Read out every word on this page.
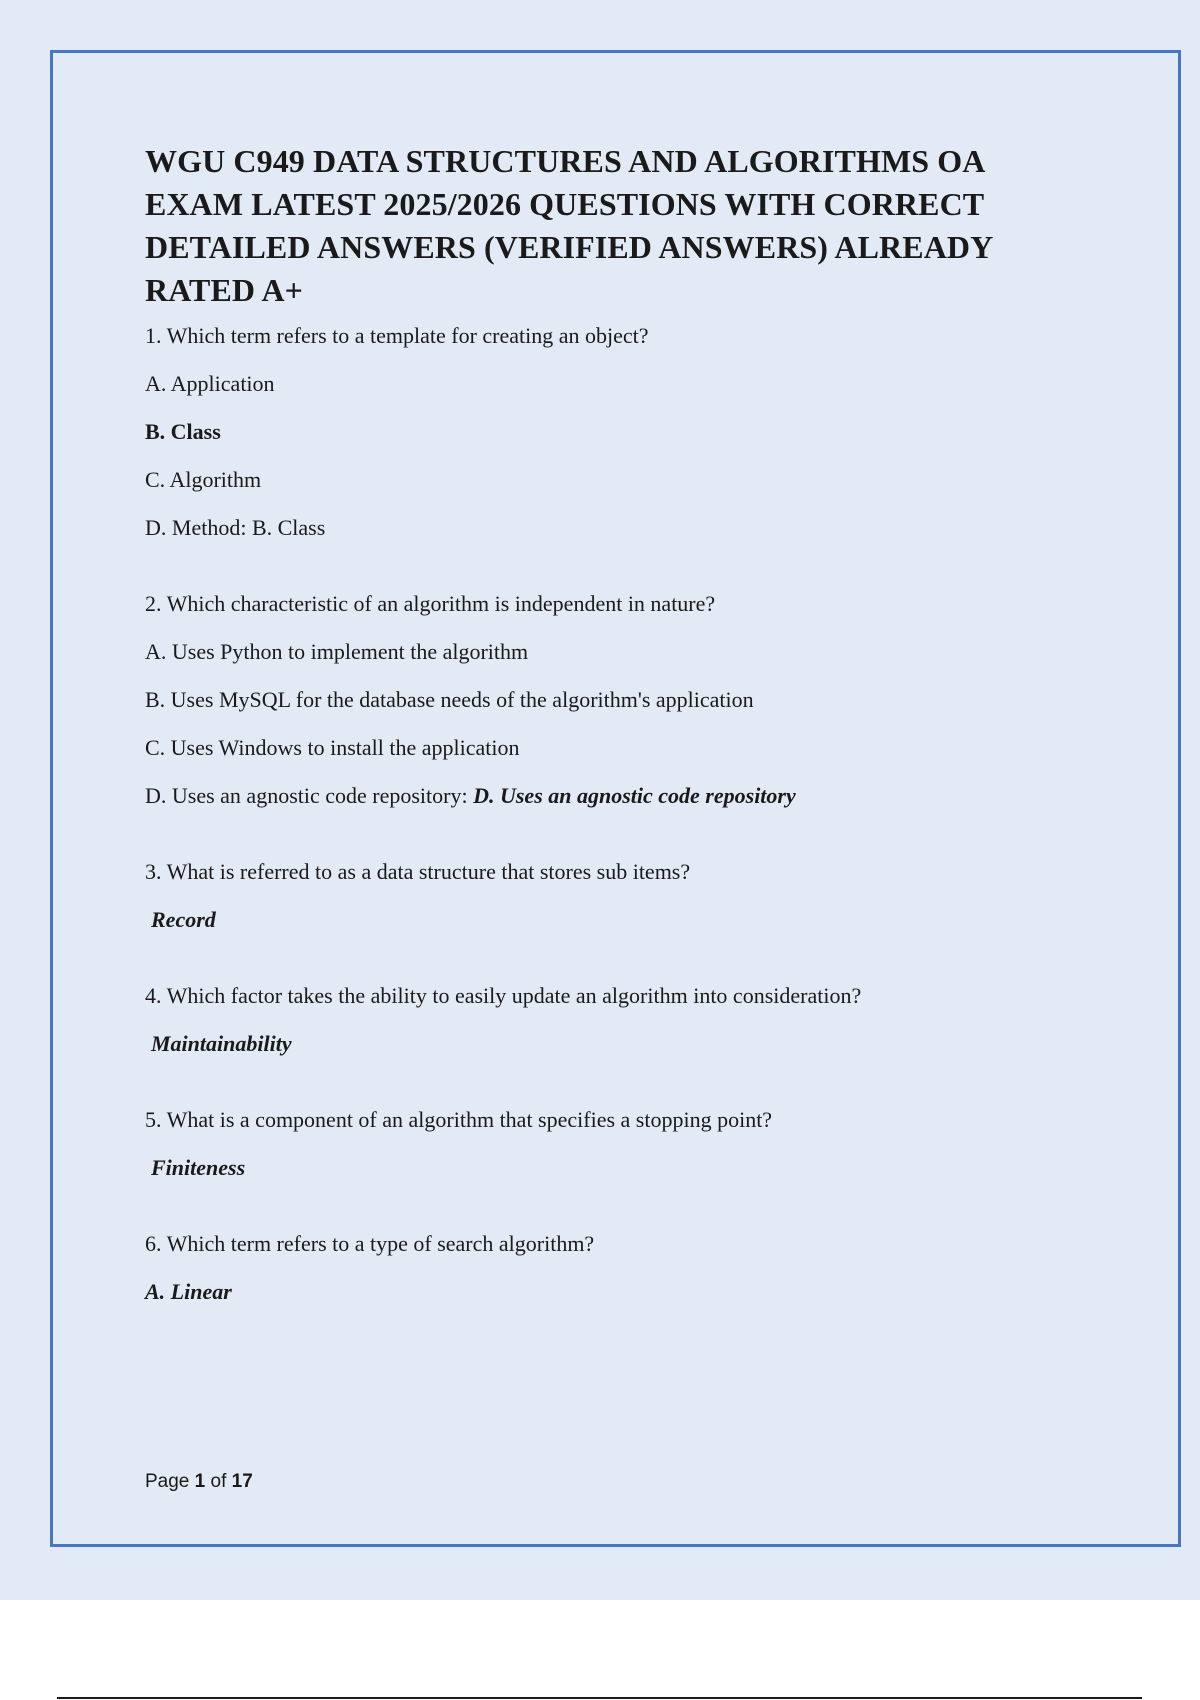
WGU C949 DATA STRUCTURES AND ALGORITHMS OA EXAM LATEST 2025/2026 QUESTIONS WITH CORRECT DETAILED ANSWERS (VERIFIED ANSWERS) ALREADY RATED A+

1. Which term refers to a template for creating an object?

A. Application

B. Class

C. Algorithm

D. Method: B. Class

2. Which characteristic of an algorithm is independent in nature?

A. Uses Python to implement the algorithm

B. Uses MySQL for the database needs of the algorithm's application

C. Uses Windows to install the application

D. Uses an agnostic code repository: D. Uses an agnostic code repository

3. What is referred to as a data structure that stores sub items?

Record

4. Which factor takes the ability to easily update an algorithm into consideration?

Maintainability

5. What is a component of an algorithm that specifies a stopping point?

Finiteness

6. Which term refers to a type of search algorithm?

A. Linear

Page 1 of 17
